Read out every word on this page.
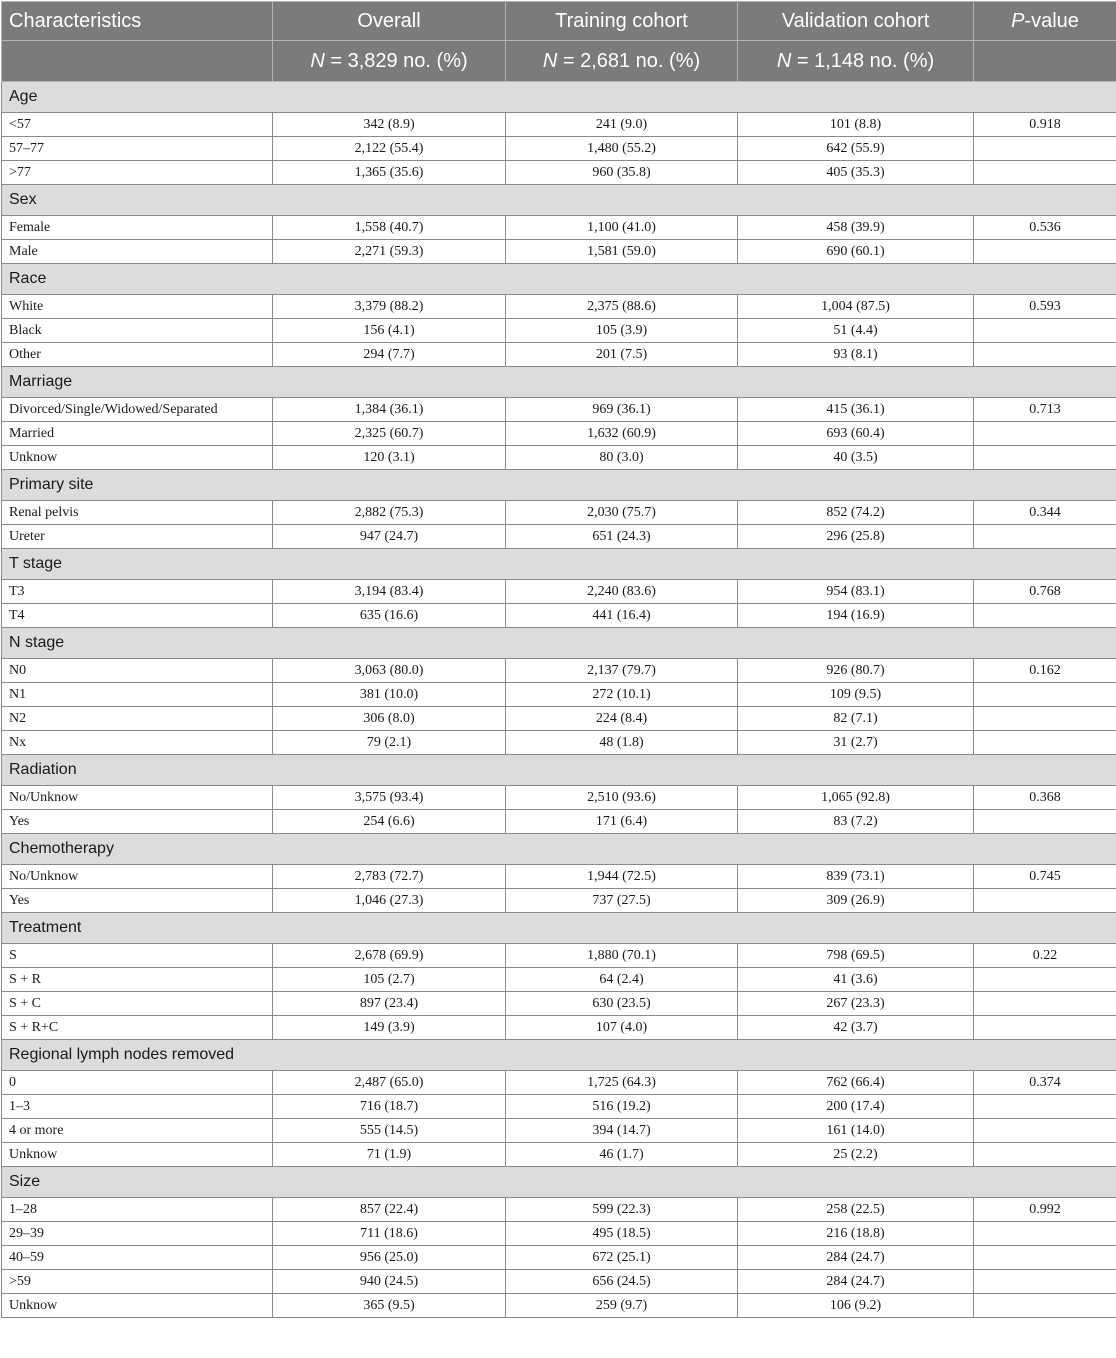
Characteristics	Overall	Training cohort	Validation cohort	P-value
	N = 3,829 no. (%)	N = 2,681 no. (%)	N = 1,148 no. (%)	
Age				
<57	342 (8.9)	241 (9.0)	101 (8.8)	0.918
57–77	2,122 (55.4)	1,480 (55.2)	642 (55.9)	
>77	1,365 (35.6)	960 (35.8)	405 (35.3)	
Sex				
Female	1,558 (40.7)	1,100 (41.0)	458 (39.9)	0.536
Male	2,271 (59.3)	1,581 (59.0)	690 (60.1)	
Race				
White	3,379 (88.2)	2,375 (88.6)	1,004 (87.5)	0.593
Black	156 (4.1)	105 (3.9)	51 (4.4)	
Other	294 (7.7)	201 (7.5)	93 (8.1)	
Marriage				
Divorced/Single/Widowed/Separated	1,384 (36.1)	969 (36.1)	415 (36.1)	0.713
Married	2,325 (60.7)	1,632 (60.9)	693 (60.4)	
Unknow	120 (3.1)	80 (3.0)	40 (3.5)	
Primary site				
Renal pelvis	2,882 (75.3)	2,030 (75.7)	852 (74.2)	0.344
Ureter	947 (24.7)	651 (24.3)	296 (25.8)	
T stage				
T3	3,194 (83.4)	2,240 (83.6)	954 (83.1)	0.768
T4	635 (16.6)	441 (16.4)	194 (16.9)	
N stage				
N0	3,063 (80.0)	2,137 (79.7)	926 (80.7)	0.162
N1	381 (10.0)	272 (10.1)	109 (9.5)	
N2	306 (8.0)	224 (8.4)	82 (7.1)	
Nx	79 (2.1)	48 (1.8)	31 (2.7)	
Radiation				
No/Unknow	3,575 (93.4)	2,510 (93.6)	1,065 (92.8)	0.368
Yes	254 (6.6)	171 (6.4)	83 (7.2)	
Chemotherapy				
No/Unknow	2,783 (72.7)	1,944 (72.5)	839 (73.1)	0.745
Yes	1,046 (27.3)	737 (27.5)	309 (26.9)	
Treatment				
S	2,678 (69.9)	1,880 (70.1)	798 (69.5)	0.22
S + R	105 (2.7)	64 (2.4)	41 (3.6)	
S + C	897 (23.4)	630 (23.5)	267 (23.3)	
S + R+C	149 (3.9)	107 (4.0)	42 (3.7)	
Regional lymph nodes removed				
0	2,487 (65.0)	1,725 (64.3)	762 (66.4)	0.374
1–3	716 (18.7)	516 (19.2)	200 (17.4)	
4 or more	555 (14.5)	394 (14.7)	161 (14.0)	
Unknow	71 (1.9)	46 (1.7)	25 (2.2)	
Size				
1–28	857 (22.4)	599 (22.3)	258 (22.5)	0.992
29–39	711 (18.6)	495 (18.5)	216 (18.8)	
40–59	956 (25.0)	672 (25.1)	284 (24.7)	
>59	940 (24.5)	656 (24.5)	284 (24.7)	
Unknow	365 (9.5)	259 (9.7)	106 (9.2)	
